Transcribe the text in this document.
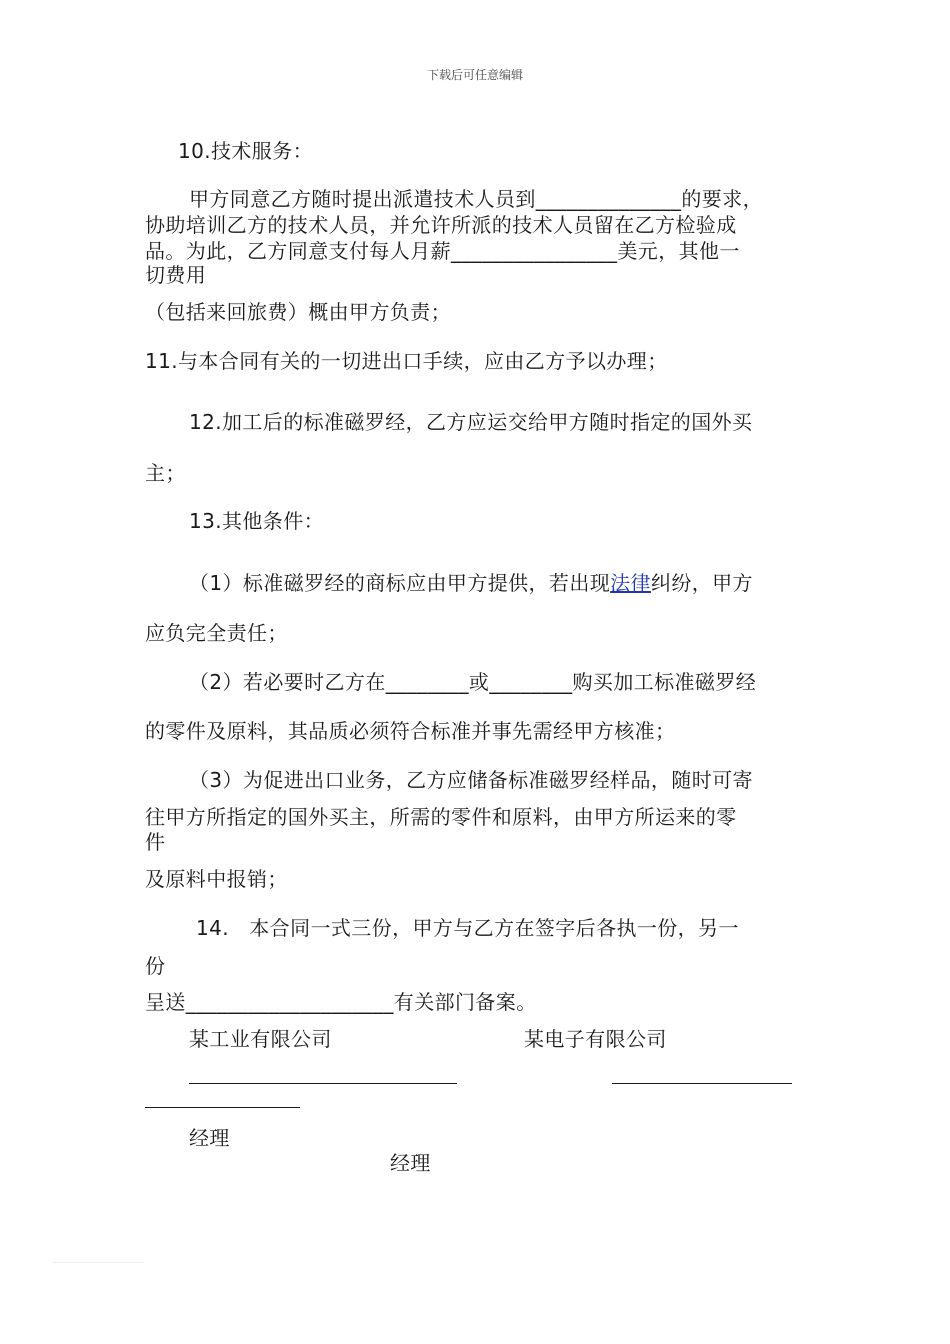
下载后可任意编辑
10.技术服务：
甲方同意乙方随时提出派遣技术人员到______________的要求，
协助培训乙方的技术人员，并允许所派的技术人员留在乙方检验成
品。为此，乙方同意支付每人月薪________________美元，其他一
切费用
（包括来回旅费）概由甲方负责；
11.与本合同有关的一切进出口手续，应由乙方予以办理；
12.加工后的标准磁罗经，乙方应运交给甲方随时指定的国外买
主；
13.其他条件：
（1）标准磁罗经的商标应由甲方提供，若出现法律纠纷，甲方
应负完全责任；
（2）若必要时乙方在________或________购买加工标准磁罗经
的零件及原料，其品质必须符合标准并事先需经甲方核准；
（3）为促进出口业务，乙方应储备标准磁罗经样品，随时可寄
往甲方所指定的国外买主，所需的零件和原料，由甲方所运来的零
件
及原料中报销；
14.   本合同一式三份，甲方与乙方在签字后各执一份，另一
份
呈送____________________有关部门备案。
某工业有限公司	某电子有限公司
经理
经理
